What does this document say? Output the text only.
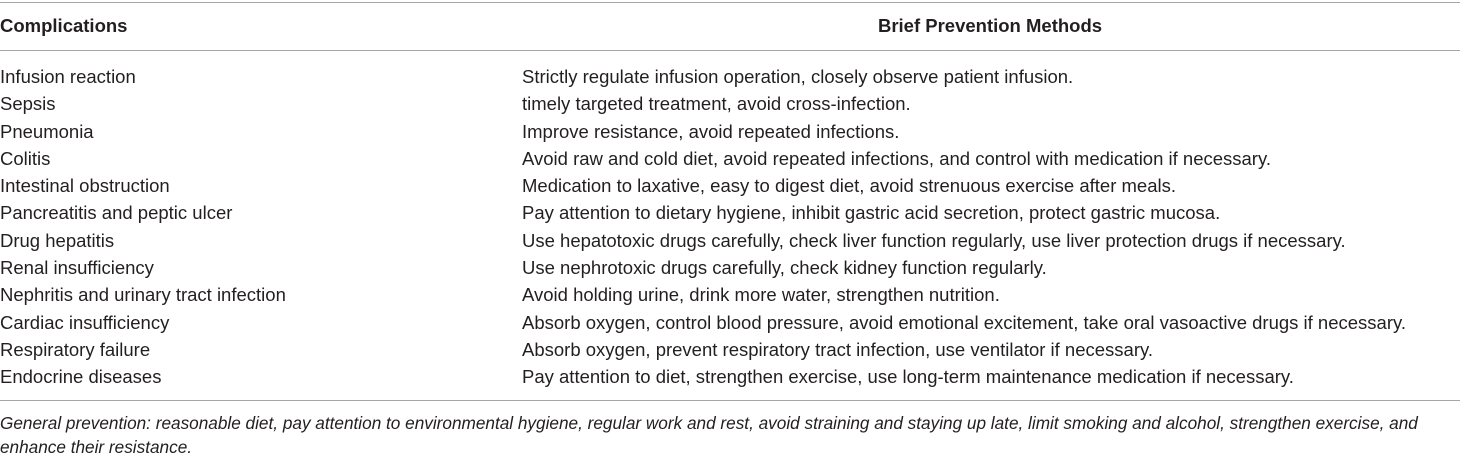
Complications	Brief Prevention Methods
Infusion reaction	Strictly regulate infusion operation, closely observe patient infusion.
Sepsis	timely targeted treatment, avoid cross-infection.
Pneumonia	Improve resistance, avoid repeated infections.
Colitis	Avoid raw and cold diet, avoid repeated infections, and control with medication if necessary.
Intestinal obstruction	Medication to laxative, easy to digest diet, avoid strenuous exercise after meals.
Pancreatitis and peptic ulcer	Pay attention to dietary hygiene, inhibit gastric acid secretion, protect gastric mucosa.
Drug hepatitis	Use hepatotoxic drugs carefully, check liver function regularly, use liver protection drugs if necessary.
Renal insufficiency	Use nephrotoxic drugs carefully, check kidney function regularly.
Nephritis and urinary tract infection	Avoid holding urine, drink more water, strengthen nutrition.
Cardiac insufficiency	Absorb oxygen, control blood pressure, avoid emotional excitement, take oral vasoactive drugs if necessary.
Respiratory failure	Absorb oxygen, prevent respiratory tract infection, use ventilator if necessary.
Endocrine diseases	Pay attention to diet, strengthen exercise, use long-term maintenance medication if necessary.
General prevention: reasonable diet, pay attention to environmental hygiene, regular work and rest, avoid straining and staying up late, limit smoking and alcohol, strengthen exercise, and enhance their resistance.
